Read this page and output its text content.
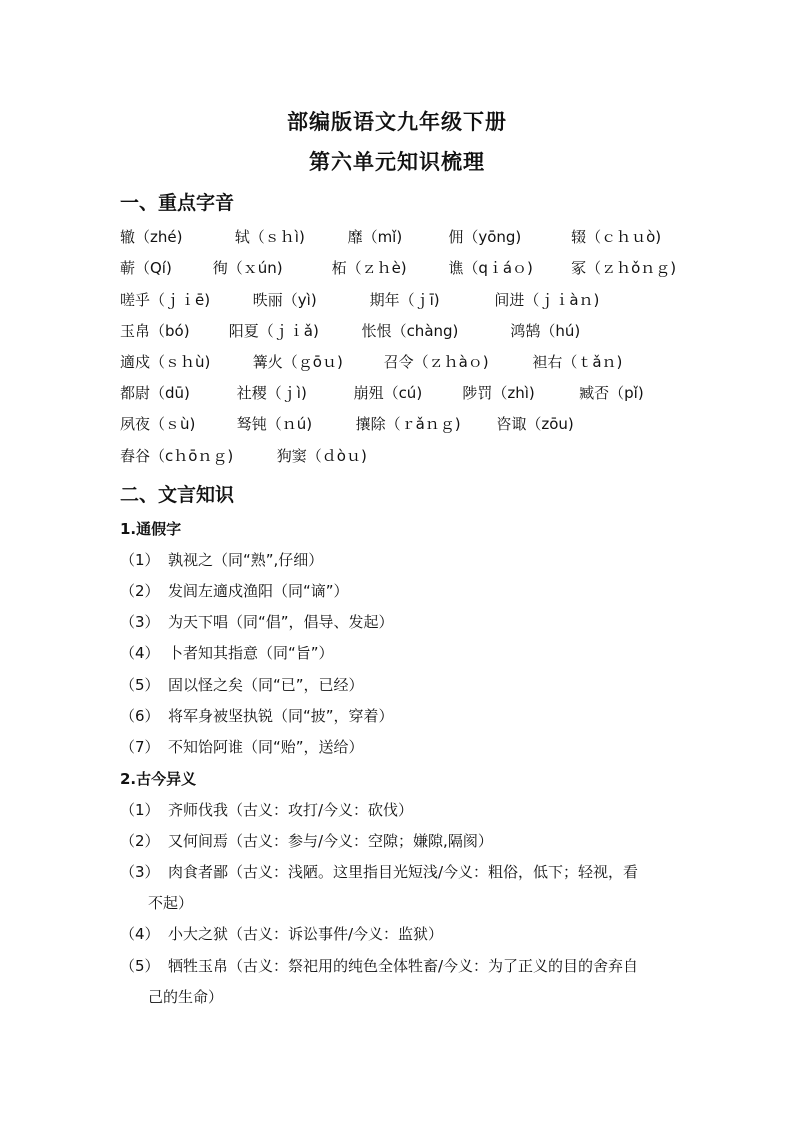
部编版语文九年级下册
第六单元知识梳理
一、重点字音
辙（zhé)	轼（ｓｈì)	靡（mǐ)	佣（yōng)	辍（ｃｈｕò)
蕲（Qí)	徇（ｘún)	柘（ｚｈè)	谯（qｉáｏ)	冢（ｚｈǒｎｇ)
嗟乎（ｊｉē)	昳丽（yì)	期年（ｊī)	间进（ｊｉàｎ)
玉帛（bó)	阳夏（ｊｉǎ)	怅恨（chàng)	鸿鹄（hú)
適戍（ｓｈù)	篝火（ｇōｕ)	召令（ｚｈàｏ)	袒右（ｔǎｎ)
都尉（dū)	社稷（ｊì)	崩殂（cú)	陟罚（zhì)	臧否（pǐ)
夙夜（ｓù)	驽钝（ｎú)	攘除（ｒǎｎｇ) 咨诹（zōu)
舂谷（cｈōｎｇ)	狗窦（ｄòｕ)
二、文言知识
1.通假字
（1） 孰视之（同“熟”,仔细）
（2） 发闾左適戍渔阳（同“谪”）
（3） 为天下唱（同“倡”，倡导、发起）
（4） 卜者知其指意（同“旨”）
（5） 固以怪之矣（同“已”，已经）
（6） 将军身被坚执锐（同“披”，穿着）
（7） 不知饴阿谁（同“贻”，送给）
2.古今异义
（1） 齐师伐我（古义：攻打/今义：砍伐）
（2） 又何间焉（古义：参与/今义：空隙；嫌隙,隔阂）
（3） 肉食者鄙（古义：浅陋。这里指目光短浅/今义：粗俗，低下；轻视，看
不起）
（4） 小大之狱（古义：诉讼事件/今义：监狱）
（5） 牺牲玉帛（古义：祭祀用的纯色全体牲畜/今义：为了正义的目的舍弃自
己的生命）
